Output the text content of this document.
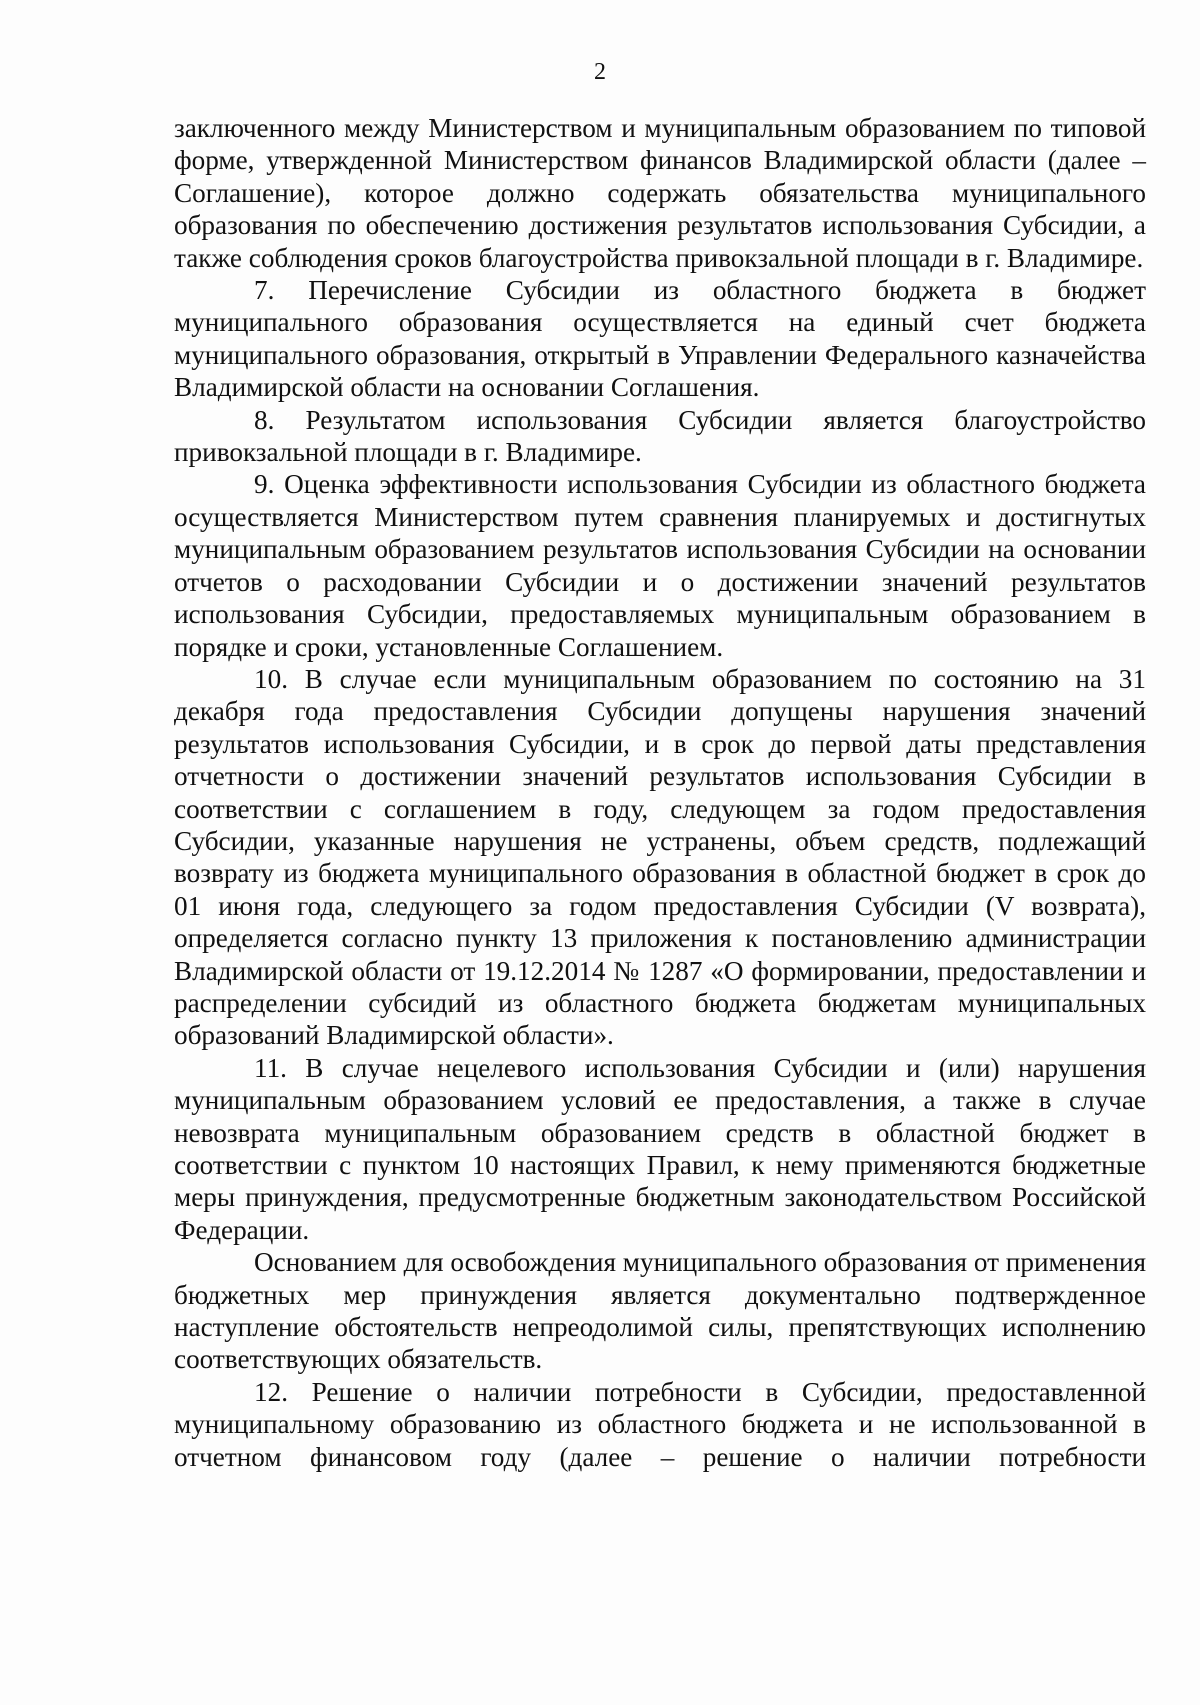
2

заключенного между Министерством и муниципальным образованием по типовой форме, утвержденной Министерством финансов Владимирской области (далее – Соглашение), которое должно содержать обязательства муниципального образования по обеспечению достижения результатов использования Субсидии, а также соблюдения сроков благоустройства привокзальной площади в г. Владимире.

7. Перечисление Субсидии из областного бюджета в бюджет муниципального образования осуществляется на единый счет бюджета муниципального образования, открытый в Управлении Федерального казначейства Владимирской области на основании Соглашения.

8. Результатом использования Субсидии является благоустройство привокзальной площади в г. Владимире.

9. Оценка эффективности использования Субсидии из областного бюджета осуществляется Министерством путем сравнения планируемых и достигнутых муниципальным образованием результатов использования Субсидии на основании отчетов о расходовании Субсидии и о достижении значений результатов использования Субсидии, предоставляемых муниципальным образованием в порядке и сроки, установленные Соглашением.

10. В случае если муниципальным образованием по состоянию на 31 декабря года предоставления Субсидии допущены нарушения значений результатов использования Субсидии, и в срок до первой даты представления отчетности о достижении значений результатов использования Субсидии в соответствии с соглашением в году, следующем за годом предоставления Субсидии, указанные нарушения не устранены, объем средств, подлежащий возврату из бюджета муниципального образования в областной бюджет в срок до 01 июня года, следующего за годом предоставления Субсидии (V возврата), определяется согласно пункту 13 приложения к постановлению администрации Владимирской области от 19.12.2014 № 1287 «О формировании, предоставлении и распределении субсидий из областного бюджета бюджетам муниципальных образований Владимирской области».

11. В случае нецелевого использования Субсидии и (или) нарушения муниципальным образованием условий ее предоставления, а также в случае невозврата муниципальным образованием средств в областной бюджет в соответствии с пунктом 10 настоящих Правил, к нему применяются бюджетные меры принуждения, предусмотренные бюджетным законодательством Российской Федерации.

Основанием для освобождения муниципального образования от применения бюджетных мер принуждения является документально подтвержденное наступление обстоятельств непреодолимой силы, препятствующих исполнению соответствующих обязательств.

12. Решение о наличии потребности в Субсидии, предоставленной муниципальному образованию из областного бюджета и не использованной в отчетном финансовом году (далее – решение о наличии потребности
